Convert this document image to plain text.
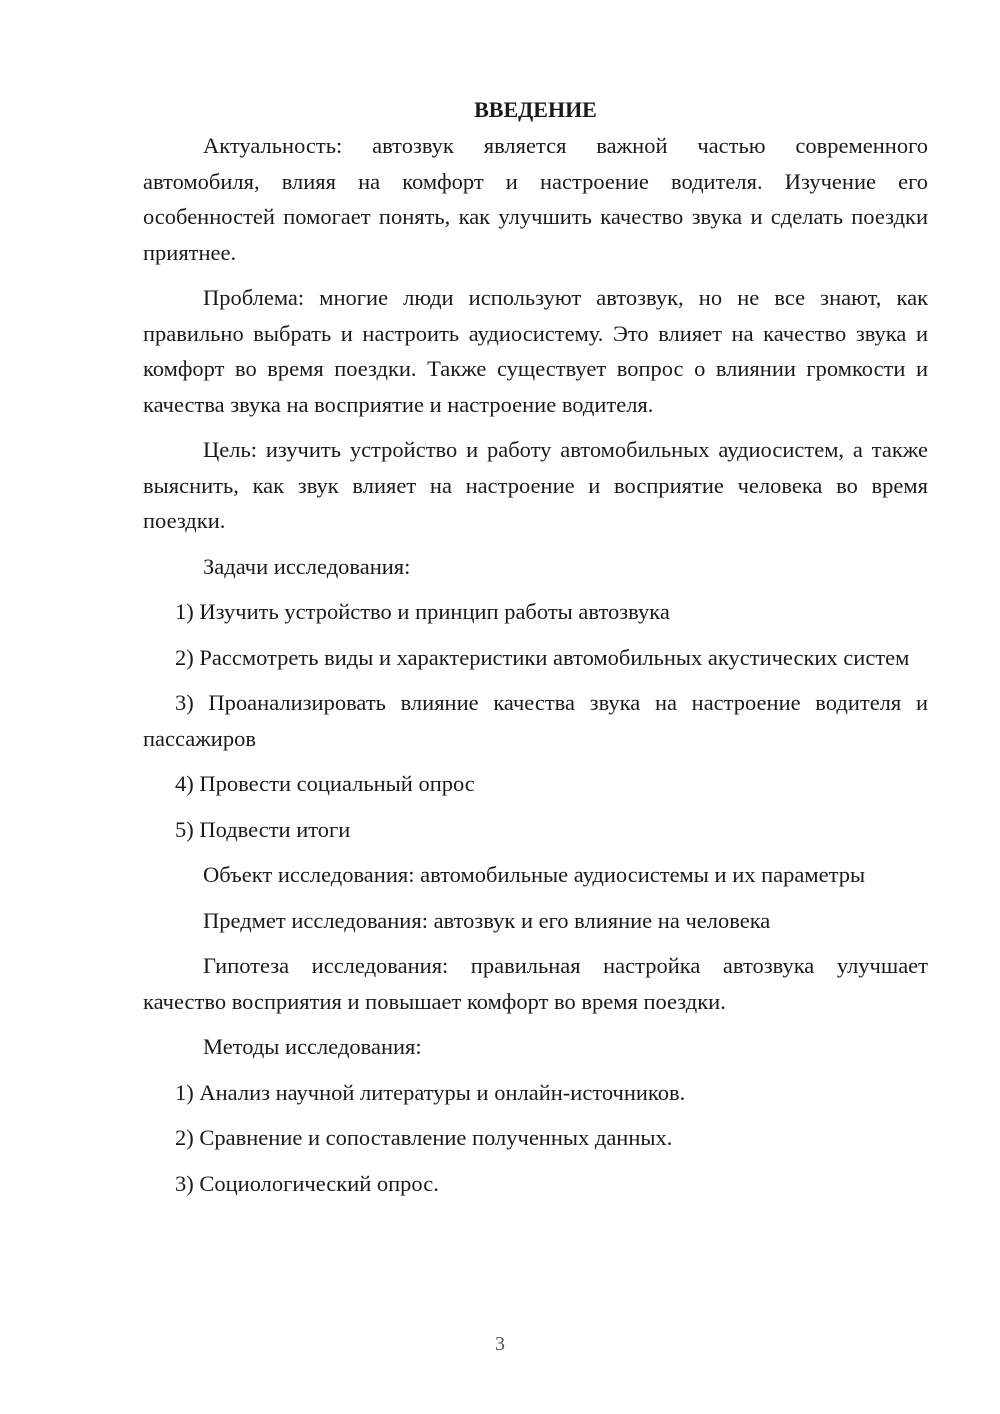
ВВЕДЕНИЕ
Актуальность: автозвук является важной частью современного автомобиля, влияя на комфорт и настроение водителя. Изучение его особенностей помогает понять, как улучшить качество звука и сделать поездки приятнее.
Проблема: многие люди используют автозвук, но не все знают, как правильно выбрать и настроить аудиосистему. Это влияет на качество звука и комфорт во время поездки. Также существует вопрос о влиянии громкости и качества звука на восприятие и настроение водителя.
Цель: изучить устройство и работу автомобильных аудиосистем, а также выяснить, как звук влияет на настроение и восприятие человека во время поездки.
Задачи исследования:
1) Изучить устройство и принцип работы автозвука
2) Рассмотреть виды и характеристики автомобильных акустических систем
3) Проанализировать влияние качества звука на настроение водителя и пассажиров
4) Провести социальный опрос
5) Подвести итоги
Объект исследования: автомобильные аудиосистемы и их параметры
Предмет исследования: автозвук и его влияние на человека
Гипотеза исследования: правильная настройка автозвука улучшает качество восприятия и повышает комфорт во время поездки.
Методы исследования:
1) Анализ научной литературы и онлайн-источников.
2) Сравнение и сопоставление полученных данных.
3) Социологический опрос.
3
